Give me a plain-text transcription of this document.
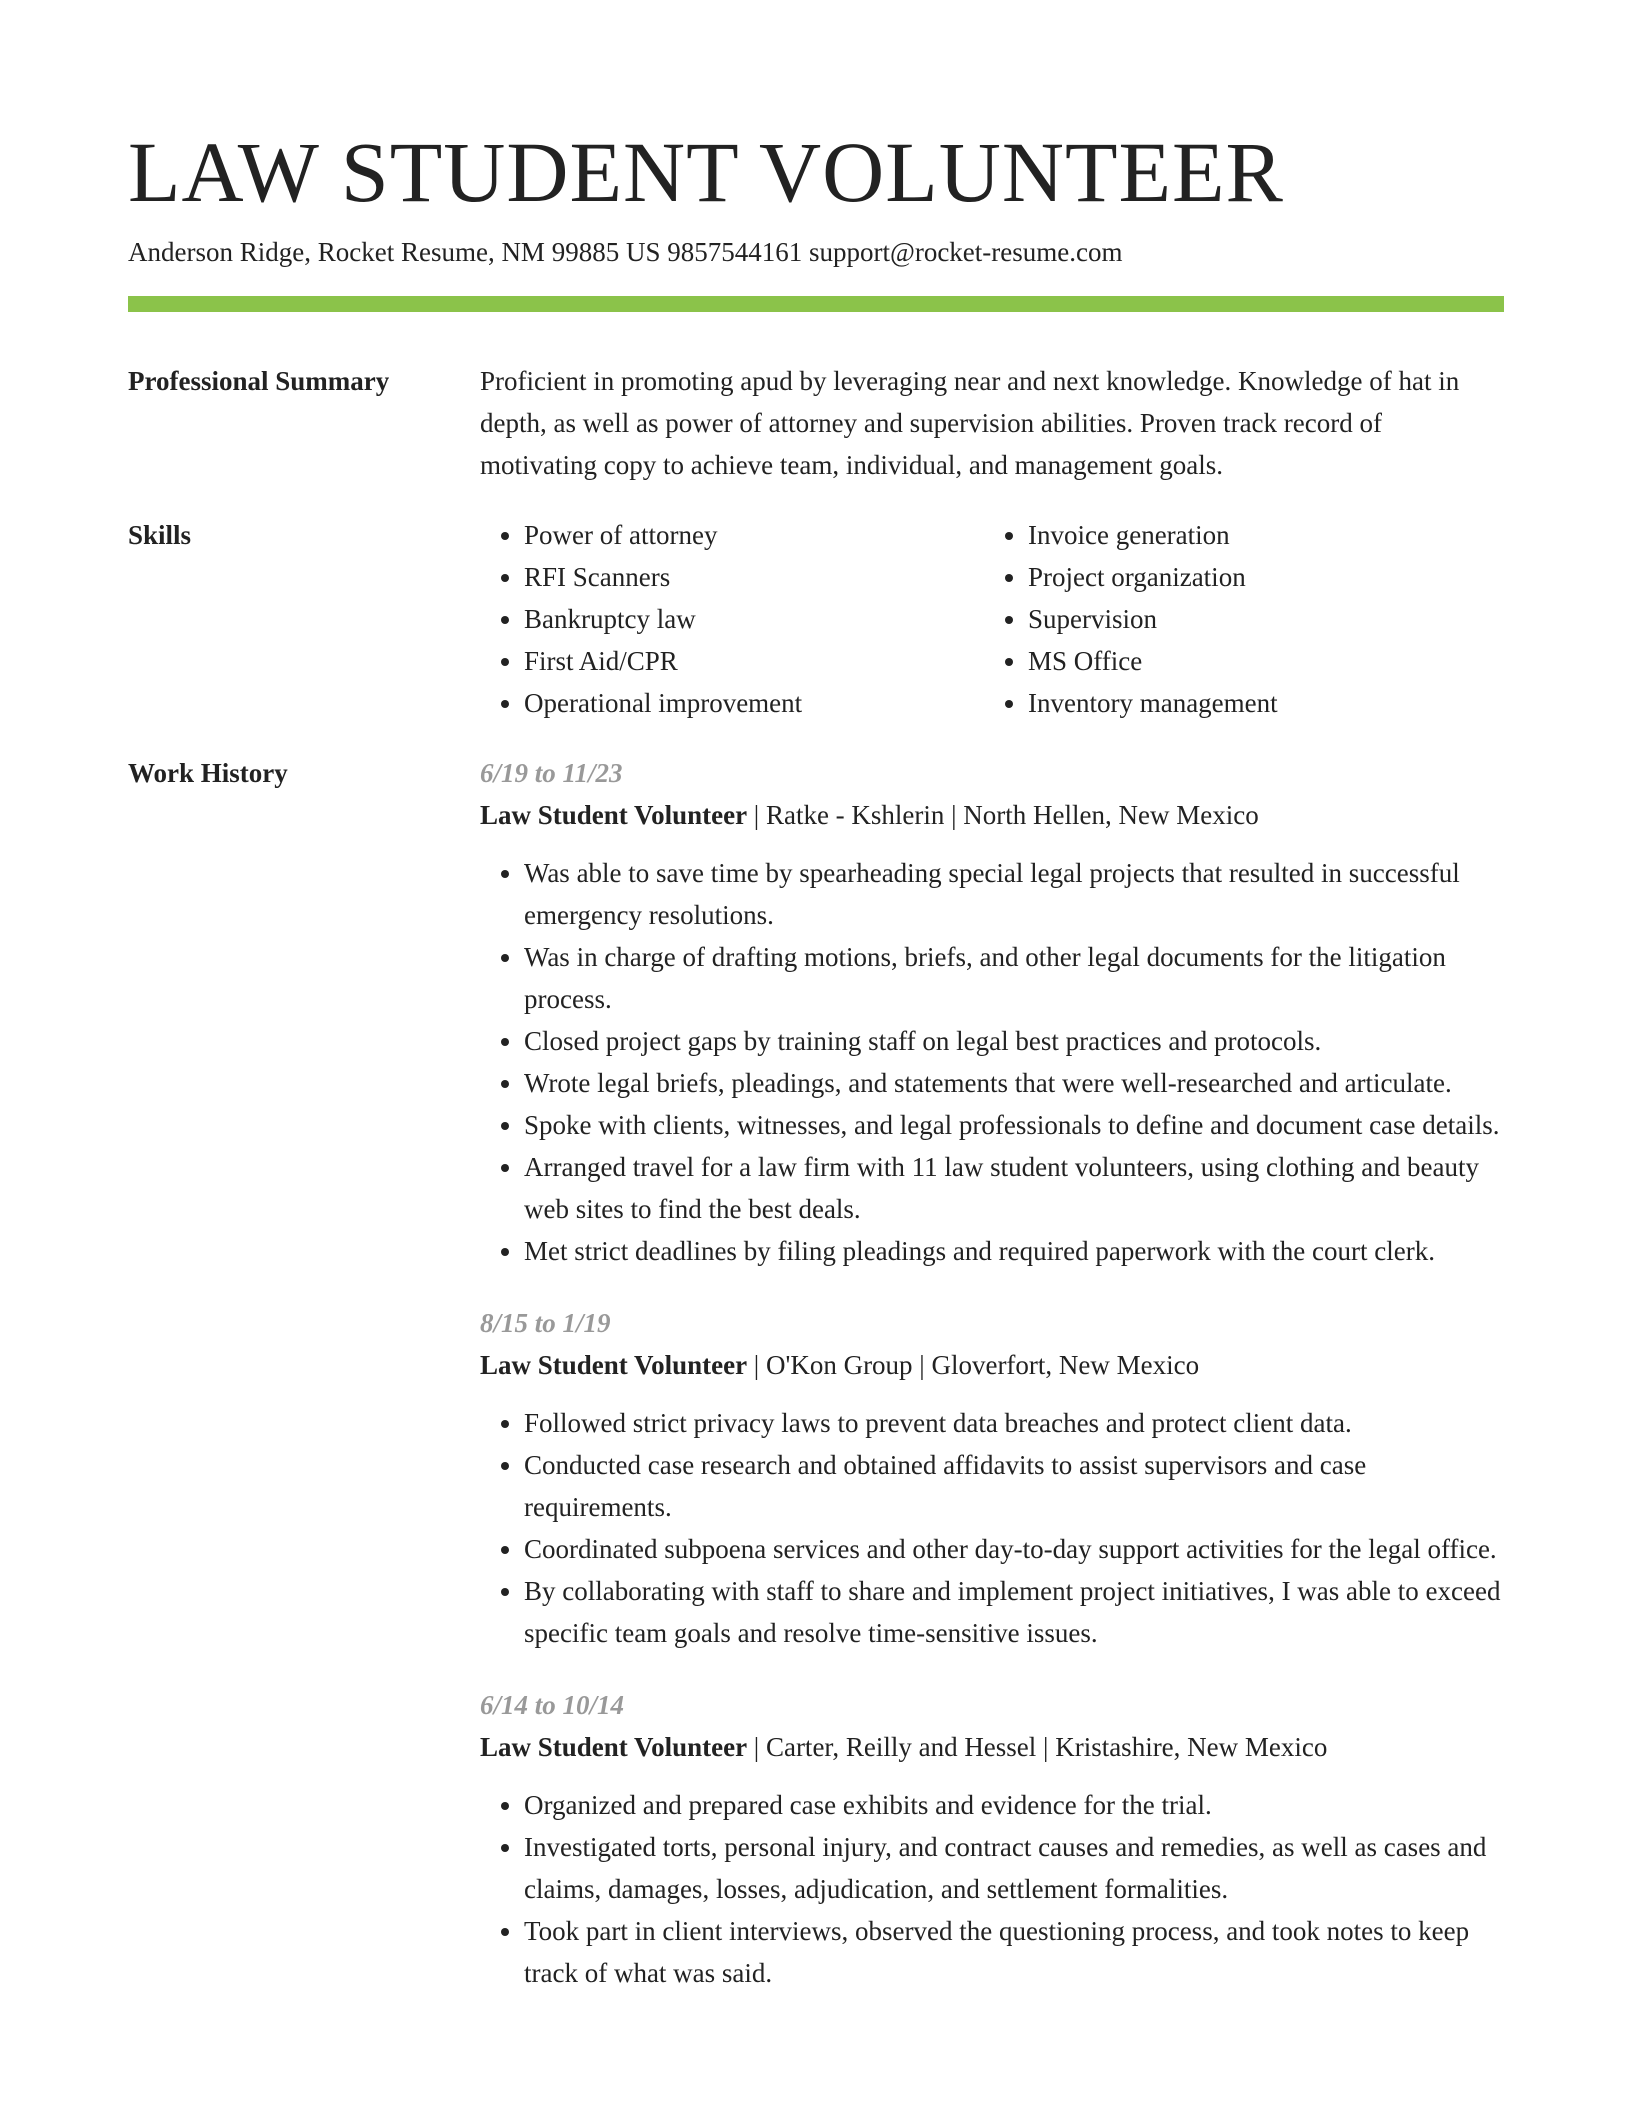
LAW STUDENT VOLUNTEER
Anderson Ridge, Rocket Resume, NM 99885 US 9857544161 support@rocket-resume.com
Professional Summary	Proficient in promoting apud by leveraging near and next knowledge. Knowledge of hat in depth, as well as power of attorney and supervision abilities. Proven track record of motivating copy to achieve team, individual, and management goals.

Skills
•	Power of attorney
• RFI Scanners
• Bankruptcy law
• First Aid/CPR
• Operational improvement
• Invoice generation
• Project organization
• Supervision
• MS Office
• Inventory management
Work History	6/19 to 11/23
Law Student Volunteer | Ratke - Kshlerin | North Hellen, New Mexico
• Was able to save time by spearheading special legal projects that resulted in successful emergency resolutions.
• Was in charge of drafting motions, briefs, and other legal documents for the litigation process.
• Closed project gaps by training staff on legal best practices and protocols.
• Wrote legal briefs, pleadings, and statements that were well-researched and articulate.
• Spoke with clients, witnesses, and legal professionals to define and document case details.
• Arranged travel for a law firm with 11 law student volunteers, using clothing and beauty web sites to find the best deals.
• Met strict deadlines by filing pleadings and required paperwork with the court clerk.
8/15 to 1/19
Law Student Volunteer | O'Kon Group | Gloverfort, New Mexico
• Followed strict privacy laws to prevent data breaches and protect client data.
• Conducted case research and obtained affidavits to assist supervisors and case requirements.
• Coordinated subpoena services and other day-to-day support activities for the legal office.
• By collaborating with staff to share and implement project initiatives, I was able to exceed specific team goals and resolve time-sensitive issues.
6/14 to 10/14
Law Student Volunteer | Carter, Reilly and Hessel | Kristashire, New Mexico
• Organized and prepared case exhibits and evidence for the trial.
• Investigated torts, personal injury, and contract causes and remedies, as well as cases and claims, damages, losses, adjudication, and settlement formalities.
• Took part in client interviews, observed the questioning process, and took notes to keep track of what was said.
